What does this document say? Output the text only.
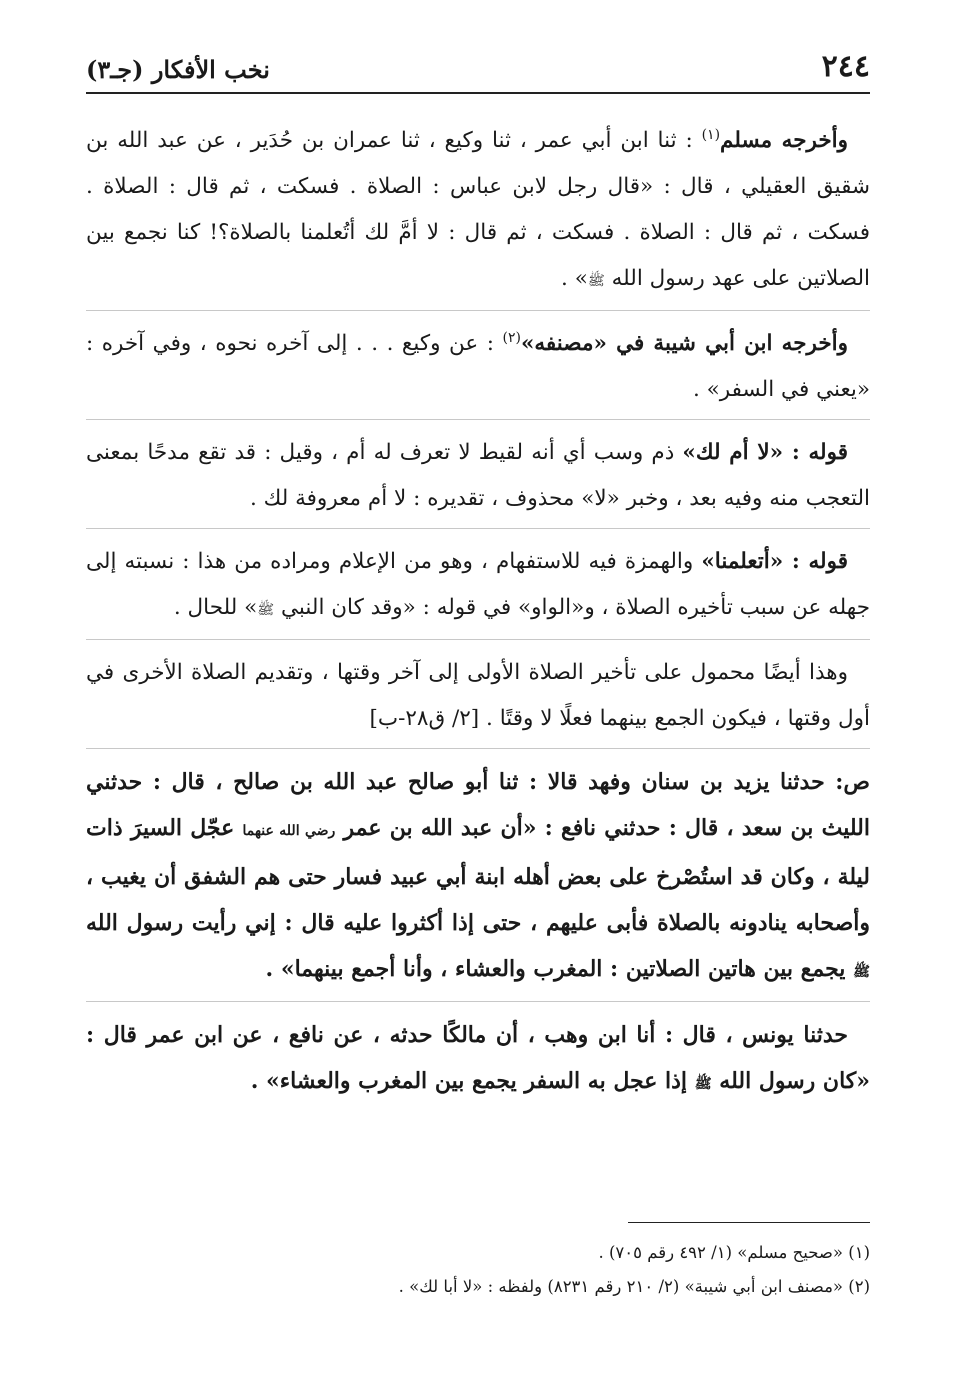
٢٤٤
نخب الأفكار (جـ٣)

وأخرجه مسلم$^{(١)}$ : ثنا ابن أبي عمر ، ثنا وكيع ، ثنا عمران بن حُدَير ، عن عبد الله بن شقيق العقيلي ، قال : «قال رجل لابن عباس : الصلاة . فسكت ، ثم قال : الصلاة . فسكت ، ثم قال : الصلاة . فسكت ، ثم قال : لا أمَّ لك أتُعلمنا بالصلاة؟! كنا نجمع بين الصلاتين على عهد رسول الله ﷺ» .

وأخرجه ابن أبي شيبة في «مصنفه»$^{(٢)}$ : عن وكيع . . . إلى آخره نحوه ، وفي آخره : «يعني في السفر» .

قوله : «لا أم لك» ذم وسب أي أنه لقيط لا تعرف له أم ، وقيل : قد تقع مدحًا بمعنى التعجب منه وفيه بعد ، وخبر «لا» محذوف ، تقديره : لا أم معروفة لك .

قوله : «أتعلمنا» والهمزة فيه للاستفهام ، وهو من الإعلام ومراده من هذا : نسبته إلى جهله عن سبب تأخيره الصلاة ، و«الواو» في قوله : «وقد كان النبي ﷺ» للحال .

وهذا أيضًا محمول على تأخير الصلاة الأولى إلى آخر وقتها ، وتقديم الصلاة الأخرى في أول وقتها ، فيكون الجمع بينهما فعلًا لا وقتًا . [٢/ ق٢٨-ب]

ص: حدثنا يزيد بن سنان وفهد قالا : ثنا أبو صالح عبد الله بن صالح ، قال : حدثني الليث بن سعد ، قال : حدثني نافع : «أن عبد الله بن عمر رضي الله عنهما عجّل السيرَ ذات ليلة ، وكان قد استُصْرخ على بعض أهله ابنة أبي عبيد فسار حتى هم الشفق أن يغيب ، وأصحابه ينادونه بالصلاة فأبى عليهم ، حتى إذا أكثروا عليه قال : إني رأيت رسول الله ﷺ يجمع بين هاتين الصلاتين : المغرب والعشاء ، وأنا أجمع بينهما» .

حدثنا يونس ، قال : أنا ابن وهب ، أن مالكًا حدثه ، عن نافع ، عن ابن عمر قال : «كان رسول الله ﷺ إذا عجل به السفر يجمع بين المغرب والعشاء» .

(١) «صحيح مسلم» (١/ ٤٩٢ رقم ٧٠٥) .
(٢) «مصنف ابن أبي شيبة» (٢/ ٢١٠ رقم ٨٢٣١) ولفظه : «لا أبا لك» .
